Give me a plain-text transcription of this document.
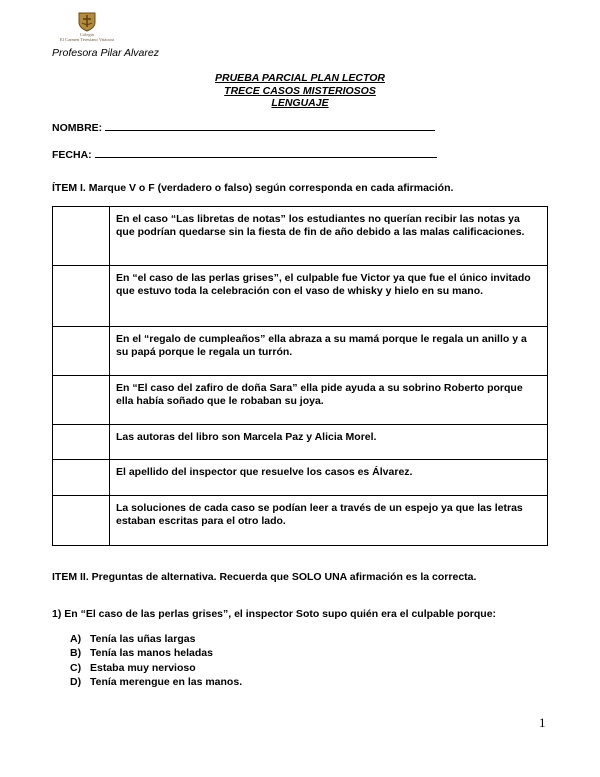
Colegio
El Carmen Teresiano Vitacura
Profesora Pilar Alvarez
PRUEBA PARCIAL PLAN LECTOR
TRECE CASOS MISTERIOSOS
LENGUAJE
NOMBRE:
FECHA:
ÍTEM I. Marque V o F (verdadero o falso) según corresponda en cada afirmación.
	En el caso “Las libretas de notas” los estudiantes no querían recibir las notas ya que podrían quedarse sin la fiesta de fin de año debido a las malas calificaciones.
	En “el caso de las perlas grises”, el culpable fue Victor ya que fue el único invitado que estuvo toda la celebración con el vaso de whisky y hielo en su mano.
	En el “regalo de cumpleaños” ella abraza a su mamá porque le regala un anillo y a su papá porque le regala un turrón.
	En “El caso del zafiro de doña Sara” ella pide ayuda a su sobrino Roberto porque ella había soñado que le robaban su joya.
	Las autoras del libro son Marcela Paz y Alicia Morel.
	El apellido del inspector que resuelve los casos es Álvarez.
	La soluciones de cada caso se podían leer a través de un espejo ya que las letras estaban escritas para el otro lado.
ITEM II. Preguntas de alternativa. Recuerda que SOLO UNA afirmación es la correcta.
1) En “El caso de las perlas grises”, el inspector Soto supo quién era el culpable porque:
A) Tenía las uñas largas
B) Tenía las manos heladas
C) Estaba muy nervioso
D) Tenía merengue en las manos.
1
